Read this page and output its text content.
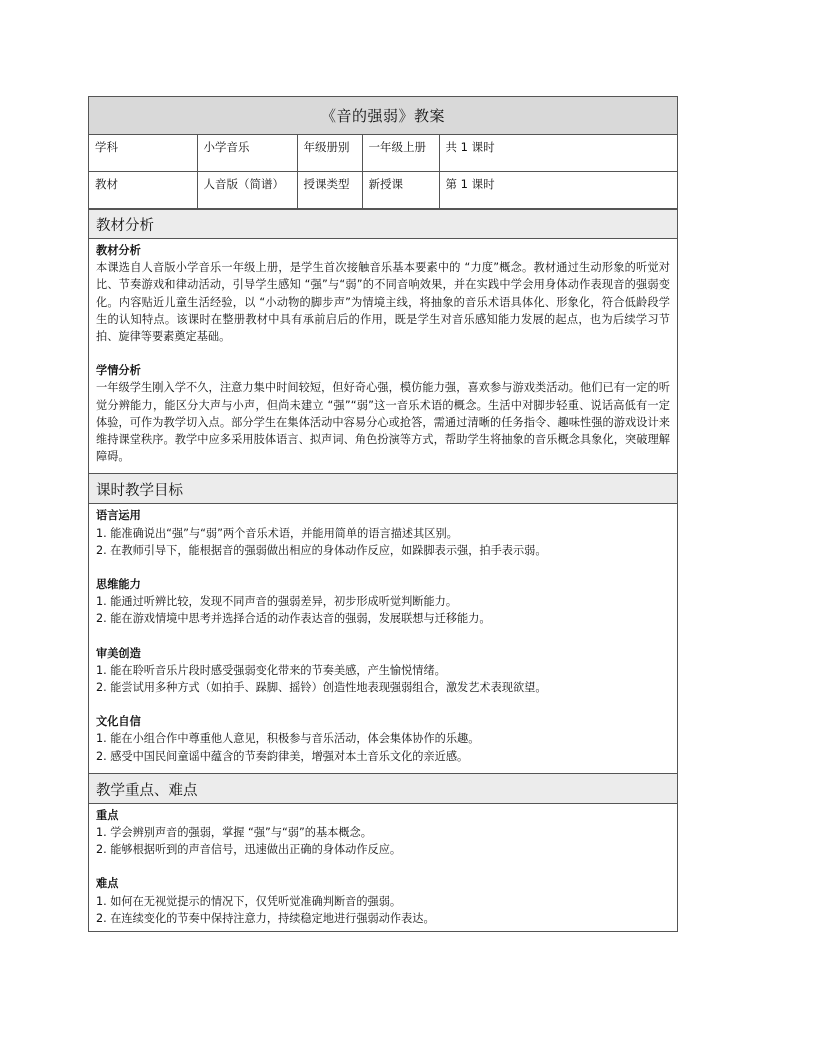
《音的强弱》教案
学科	小学音乐	年级册别	一年级上册	共 1 课时
教材	人音版（简谱）	授课类型	新授课	第 1 课时
教材分析
教材分析
本课选自人音版小学音乐一年级上册，是学生首次接触音乐基本要素中的 “力度”概念。教材通过生动形象的听觉对比、节奏游戏和律动活动，引导学生感知 “强”与“弱”的不同音响效果，并在实践中学会用身体动作表现音的强弱变化。内容贴近儿童生活经验，以 “小动物的脚步声”为情境主线，将抽象的音乐术语具体化、形象化，符合低龄段学生的认知特点。该课时在整册教材中具有承前启后的作用，既是学生对音乐感知能力发展的起点，也为后续学习节拍、旋律等要素奠定基础。
学情分析
一年级学生刚入学不久，注意力集中时间较短，但好奇心强，模仿能力强，喜欢参与游戏类活动。他们已有一定的听觉分辨能力，能区分大声与小声，但尚未建立 “强”“弱”这一音乐术语的概念。生活中对脚步轻重、说话高低有一定体验，可作为教学切入点。部分学生在集体活动中容易分心或抢答，需通过清晰的任务指令、趣味性强的游戏设计来维持课堂秩序。教学中应多采用肢体语言、拟声词、角色扮演等方式，帮助学生将抽象的音乐概念具象化，突破理解障碍。
课时教学目标
语言运用
1. 能准确说出“强”与“弱”两个音乐术语，并能用简单的语言描述其区别。
2. 在教师引导下，能根据音的强弱做出相应的身体动作反应，如跺脚表示强，拍手表示弱。
思维能力
1. 能通过听辨比较，发现不同声音的强弱差异，初步形成听觉判断能力。
2. 能在游戏情境中思考并选择合适的动作表达音的强弱，发展联想与迁移能力。
审美创造
1. 能在聆听音乐片段时感受强弱变化带来的节奏美感，产生愉悦情绪。
2. 能尝试用多种方式（如拍手、跺脚、摇铃）创造性地表现强弱组合，激发艺术表现欲望。
文化自信
1. 能在小组合作中尊重他人意见，积极参与音乐活动，体会集体协作的乐趣。
2. 感受中国民间童谣中蕴含的节奏韵律美，增强对本土音乐文化的亲近感。
教学重点、难点
重点
1. 学会辨别声音的强弱，掌握 “强”与“弱”的基本概念。
2. 能够根据听到的声音信号，迅速做出正确的身体动作反应。
难点
1. 如何在无视觉提示的情况下，仅凭听觉准确判断音的强弱。
2. 在连续变化的节奏中保持注意力，持续稳定地进行强弱动作表达。
